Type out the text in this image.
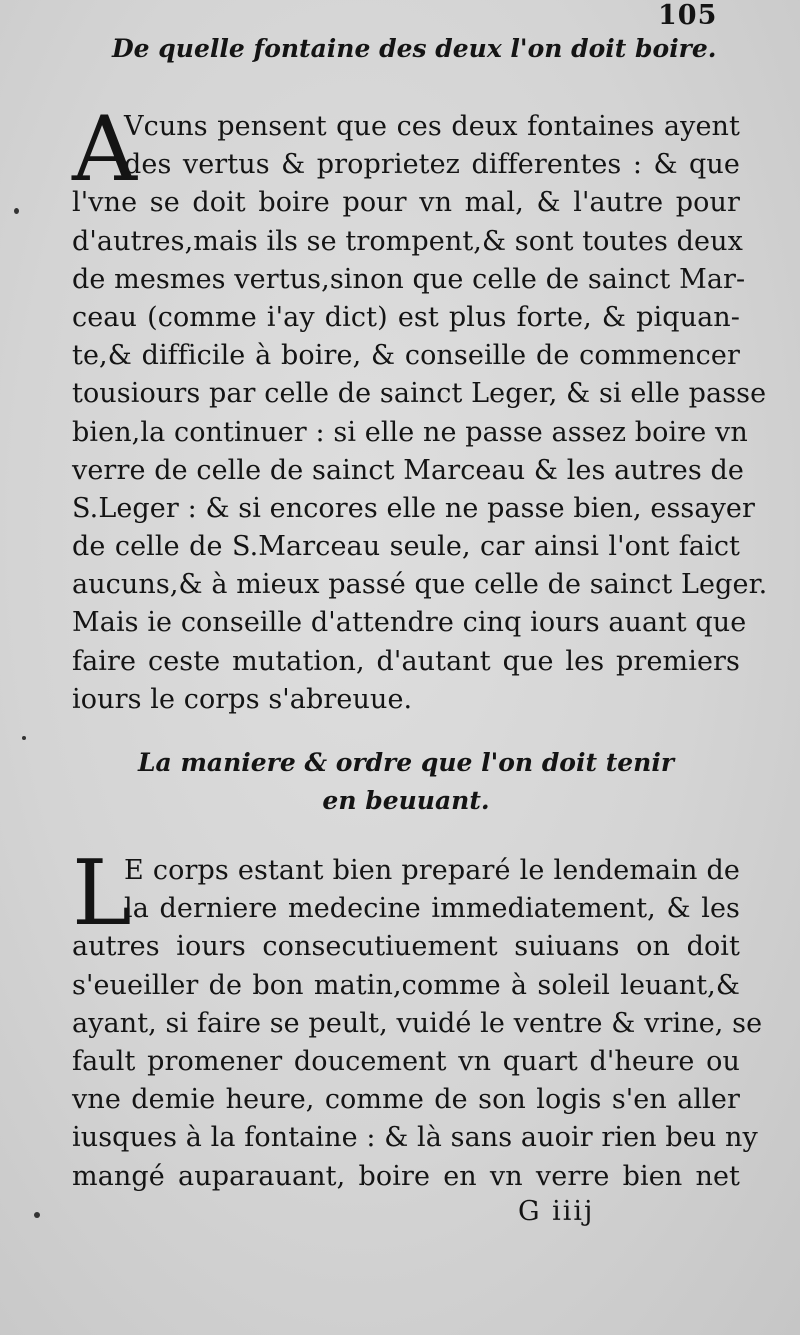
105
De quelle fontaine des deux l'on doit boire.
A
Vcuns pensent que ces deux fontaines ayent
des vertus & proprietez differentes : & que
l'vne se doit boire pour vn mal, & l'autre pour
d'autres,mais ils se trompent,& sont toutes deux
de mesmes vertus,sinon que celle de sainct Mar-
ceau (comme i'ay dict) est plus forte, & piquan-
te,& difficile à boire, & conseille de commencer
tousiours par celle de sainct Leger, & si elle passe
bien,la continuer : si elle ne passe assez boire vn
verre de celle de sainct Marceau & les autres de
S.Leger : & si encores elle ne passe bien, essayer
de celle de S.Marceau seule, car ainsi l'ont faict
aucuns,& à mieux passé que celle de sainct Leger.
Mais ie conseille d'attendre cinq iours auant que
faire ceste mutation, d'autant que les premiers
iours le corps s'abreuue.
La maniere & ordre que l'on doit tenir
en beuuant.
L
E corps estant bien preparé le lendemain de
la derniere medecine immediatement, & les
autres iours consecutiuement suiuans on doit
s'eueiller de bon matin,comme à soleil leuant,&
ayant, si faire se peult, vuidé le ventre & vrine, se
fault promener doucement vn quart d'heure ou
vne demie heure, comme de son logis s'en aller
iusques à la fontaine : & là sans auoir rien beu ny
mangé auparauant, boire en vn verre bien net
G iiij
